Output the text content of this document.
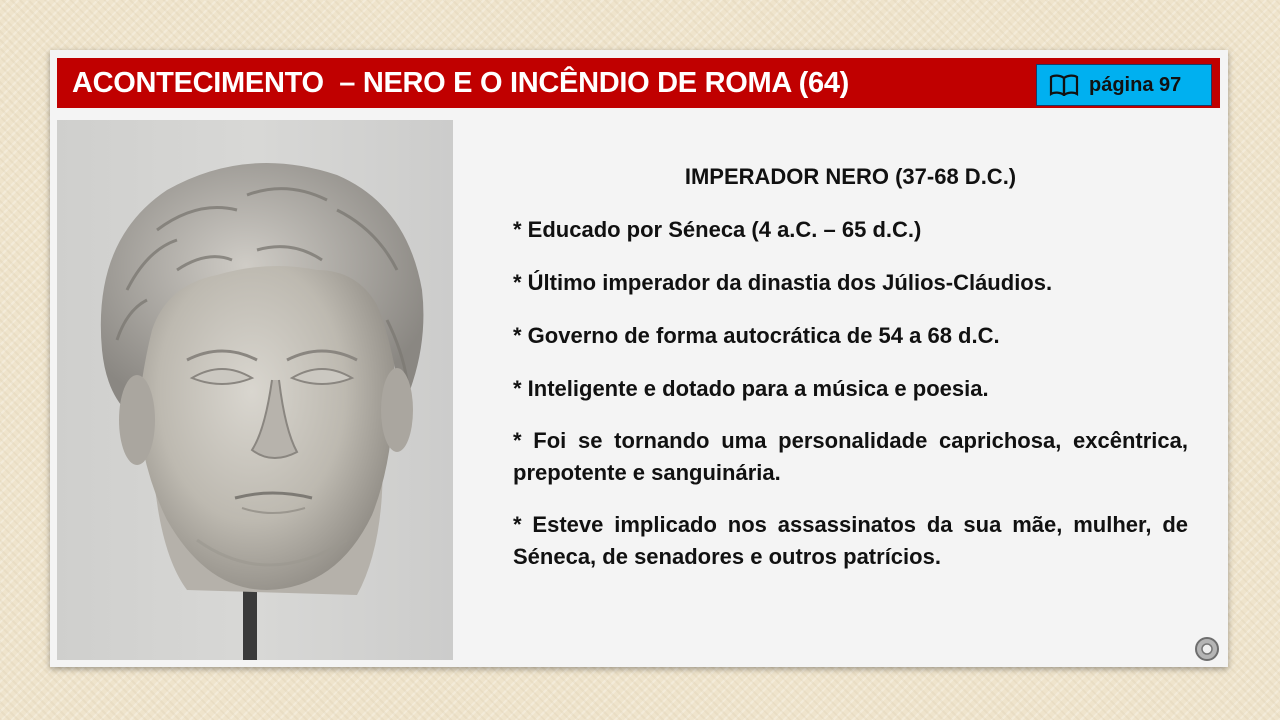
ACONTECIMENTO  – NERO E O INCÊNDIO DE ROMA (64)	página 97

IMPERADOR NERO (37-68 D.C.)

* Educado por Séneca (4 a.C. – 65 d.C.)

* Último imperador da dinastia dos Júlios-Cláudios.

* Governo de forma autocrática de 54 a 68 d.C.

* Inteligente e dotado para a música e poesia.

* Foi se tornando uma personalidade caprichosa, excêntrica, prepotente e sanguinária.

* Esteve implicado nos assassinatos da sua mãe, mulher, de Séneca, de senadores e outros patrícios.
